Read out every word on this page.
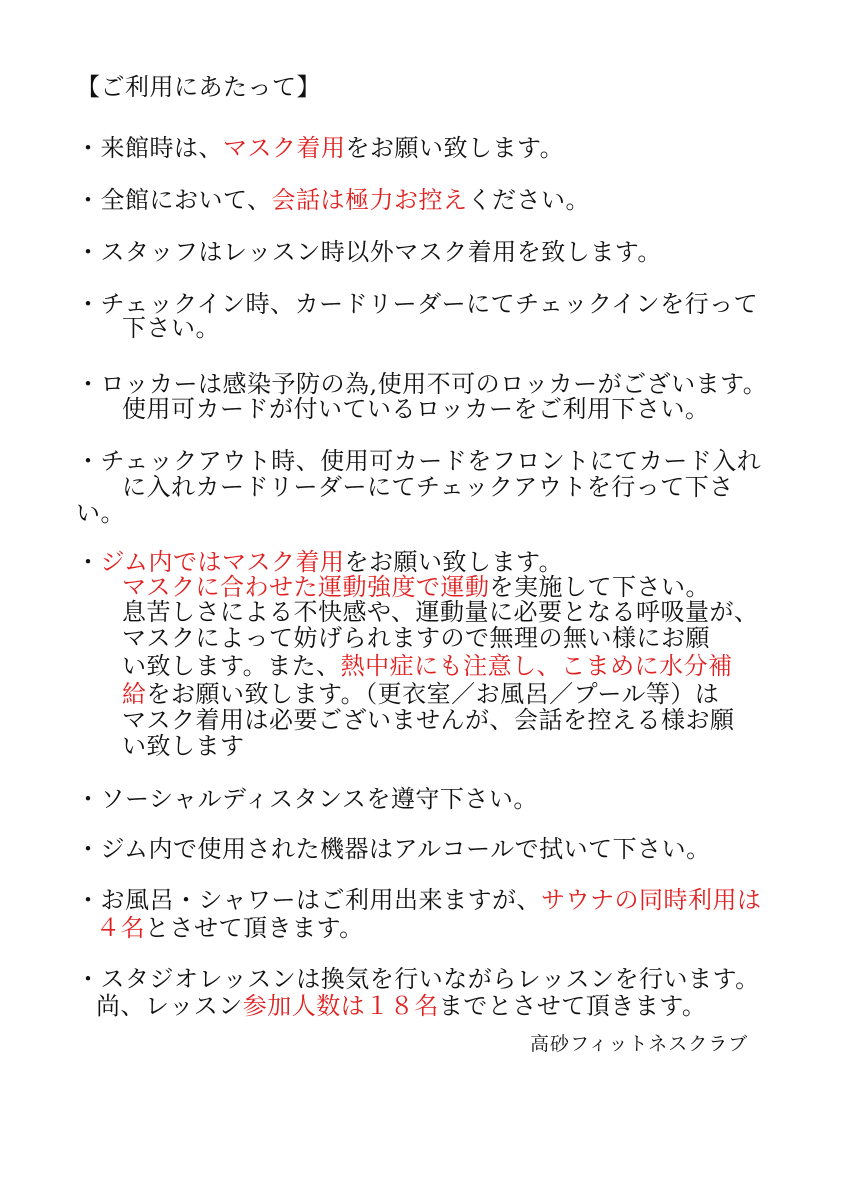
【ご利用にあたって】
・来館時は、マスク着用をお願い致します。
・全館において、会話は極力お控えください。
・スタッフはレッスン時以外マスク着用を致します。
・チェックイン時、カードリーダーにてチェックインを行って
下さい。
・ロッカーは感染予防の為,使用不可のロッカーがございます。
使用可カードが付いているロッカーをご利用下さい。
・チェックアウト時、使用可カードをフロントにてカード入れ
に入れカードリーダーにてチェックアウトを行って下さ
い。
・ジム内ではマスク着用をお願い致します。
マスクに合わせた運動強度で運動を実施して下さい。
息苦しさによる不快感や、運動量に必要となる呼吸量が、
マスクによって妨げられますので無理の無い様にお願
い致します。また、熱中症にも注意し、こまめに水分補
給をお願い致します。（更衣室／お風呂／プール等）は
マスク着用は必要ございませんが、会話を控える様お願
い致します
・ソーシャルディスタンスを遵守下さい。
・ジム内で使用された機器はアルコールで拭いて下さい。
・お風呂・シャワーはご利用出来ますが、サウナの同時利用は
４名とさせて頂きます。
・スタジオレッスンは換気を行いながらレッスンを行います。
尚、レッスン参加人数は１８名までとさせて頂きます。
高砂フィットネスクラブ
